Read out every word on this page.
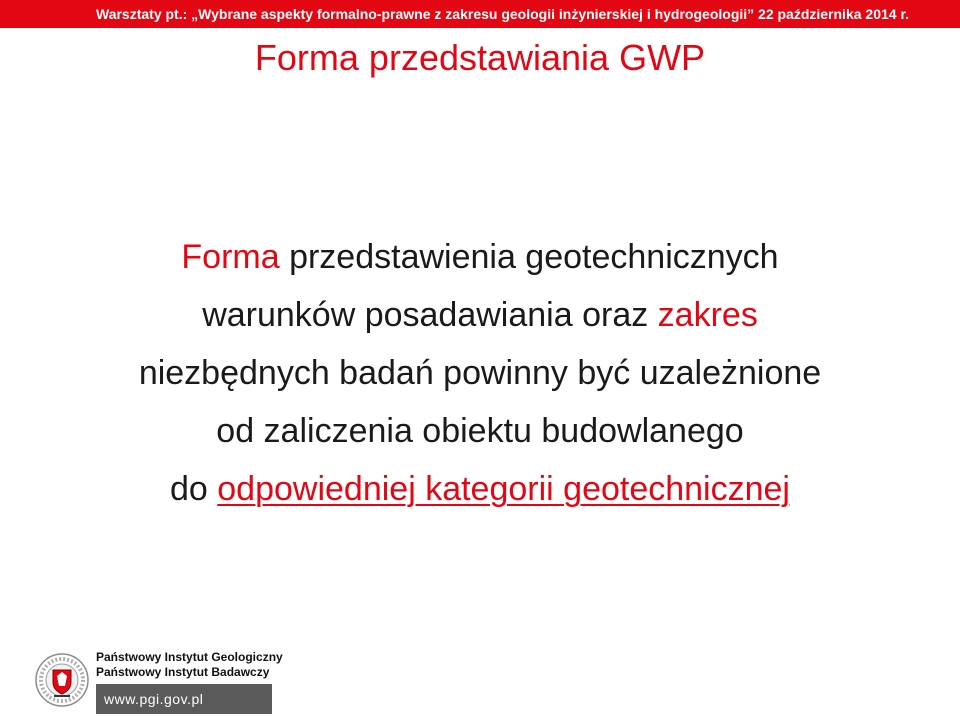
Warsztaty pt.: „Wybrane aspekty formalno-prawne z zakresu geologii inżynierskiej i hydrogeologii” 22 października 2014 r.
Forma przedstawiania GWP
Forma przedstawienia geotechnicznych
warunków posadawiania oraz zakres
niezbędnych badań powinny być uzależnione
od zaliczenia obiektu budowlanego
do odpowiedniej kategorii geotechnicznej
Państwowy Instytut Geologiczny
Państwowy Instytut Badawczy
www.pgi.gov.pl
